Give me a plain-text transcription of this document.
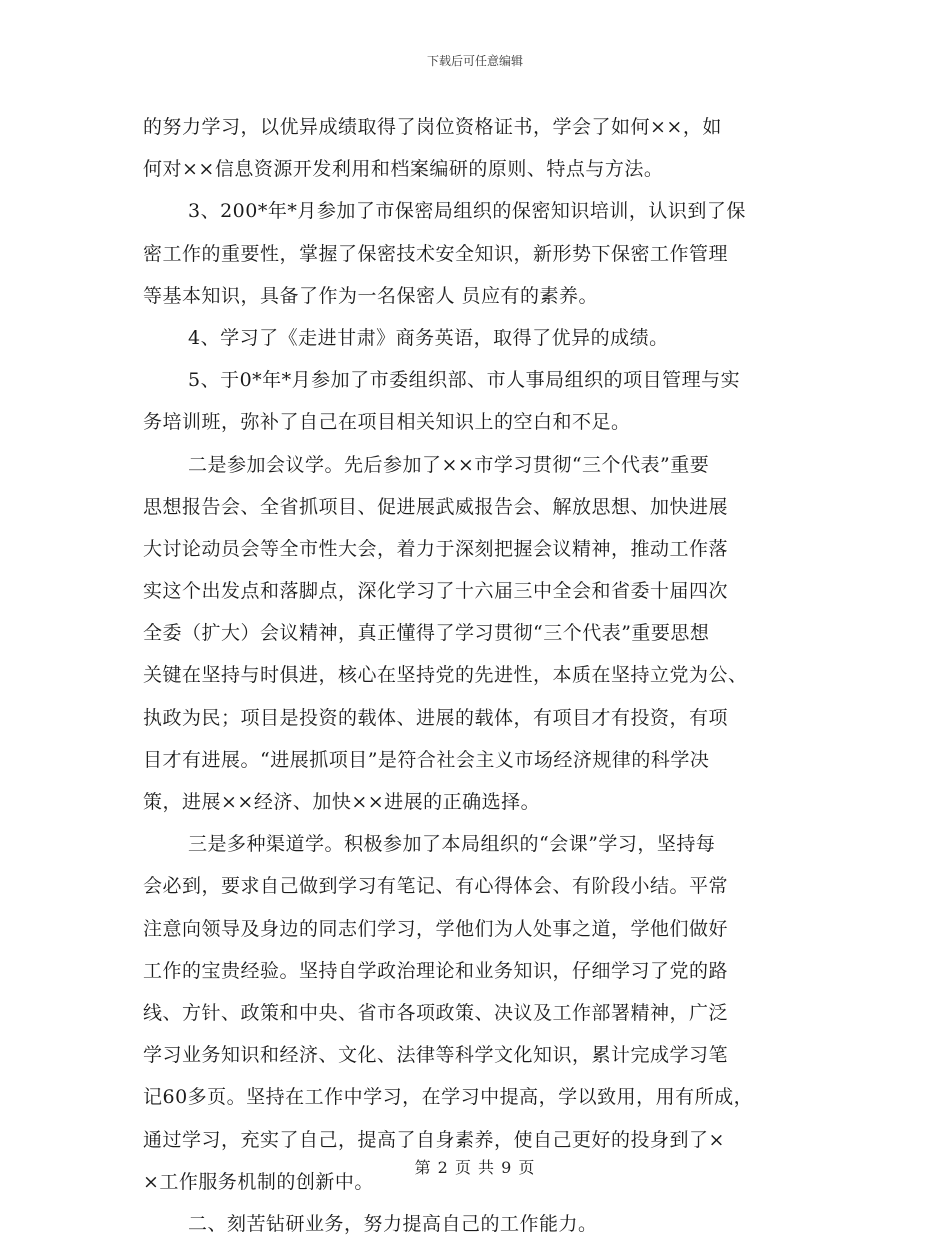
下载后可任意编辑
的努力学习，以优异成绩取得了岗位资格证书，学会了如何××，如
何对××信息资源开发利用和档案编研的原则、特点与方法。
3、200*年*月参加了市保密局组织的保密知识培训，认识到了保
密工作的重要性，掌握了保密技术安全知识，新形势下保密工作管理
等基本知识，具备了作为一名保密人 员应有的素养。
4、学习了《走进甘肃》商务英语，取得了优异的成绩。
5、于0*年*月参加了市委组织部、市人事局组织的项目管理与实
务培训班，弥补了自己在项目相关知识上的空白和不足。
二是参加会议学。先后参加了××市学习贯彻“三个代表”重要
思想报告会、全省抓项目、促进展武威报告会、解放思想、加快进展
大讨论动员会等全市性大会，着力于深刻把握会议精神，推动工作落
实这个出发点和落脚点，深化学习了十六届三中全会和省委十届四次
全委（扩大）会议精神，真正懂得了学习贯彻“三个代表”重要思想
关键在坚持与时俱进，核心在坚持党的先进性，本质在坚持立党为公、
执政为民；项目是投资的载体、进展的载体，有项目才有投资，有项
目才有进展。“进展抓项目”是符合社会主义市场经济规律的科学决
策，进展××经济、加快××进展的正确选择。
三是多种渠道学。积极参加了本局组织的“会课”学习，坚持每
会必到，要求自己做到学习有笔记、有心得体会、有阶段小结。平常
注意向领导及身边的同志们学习，学他们为人处事之道，学他们做好
工作的宝贵经验。坚持自学政治理论和业务知识，仔细学习了党的路
线、方针、政策和中央、省市各项政策、决议及工作部署精神，广泛
学习业务知识和经济、文化、法律等科学文化知识，累计完成学习笔
记60多页。坚持在工作中学习，在学习中提高，学以致用，用有所成，
通过学习，充实了自己，提高了自身素养，使自己更好的投身到了×
×工作服务机制的创新中。
二、刻苦钻研业务，努力提高自己的工作能力。
第 2 页 共 9 页
